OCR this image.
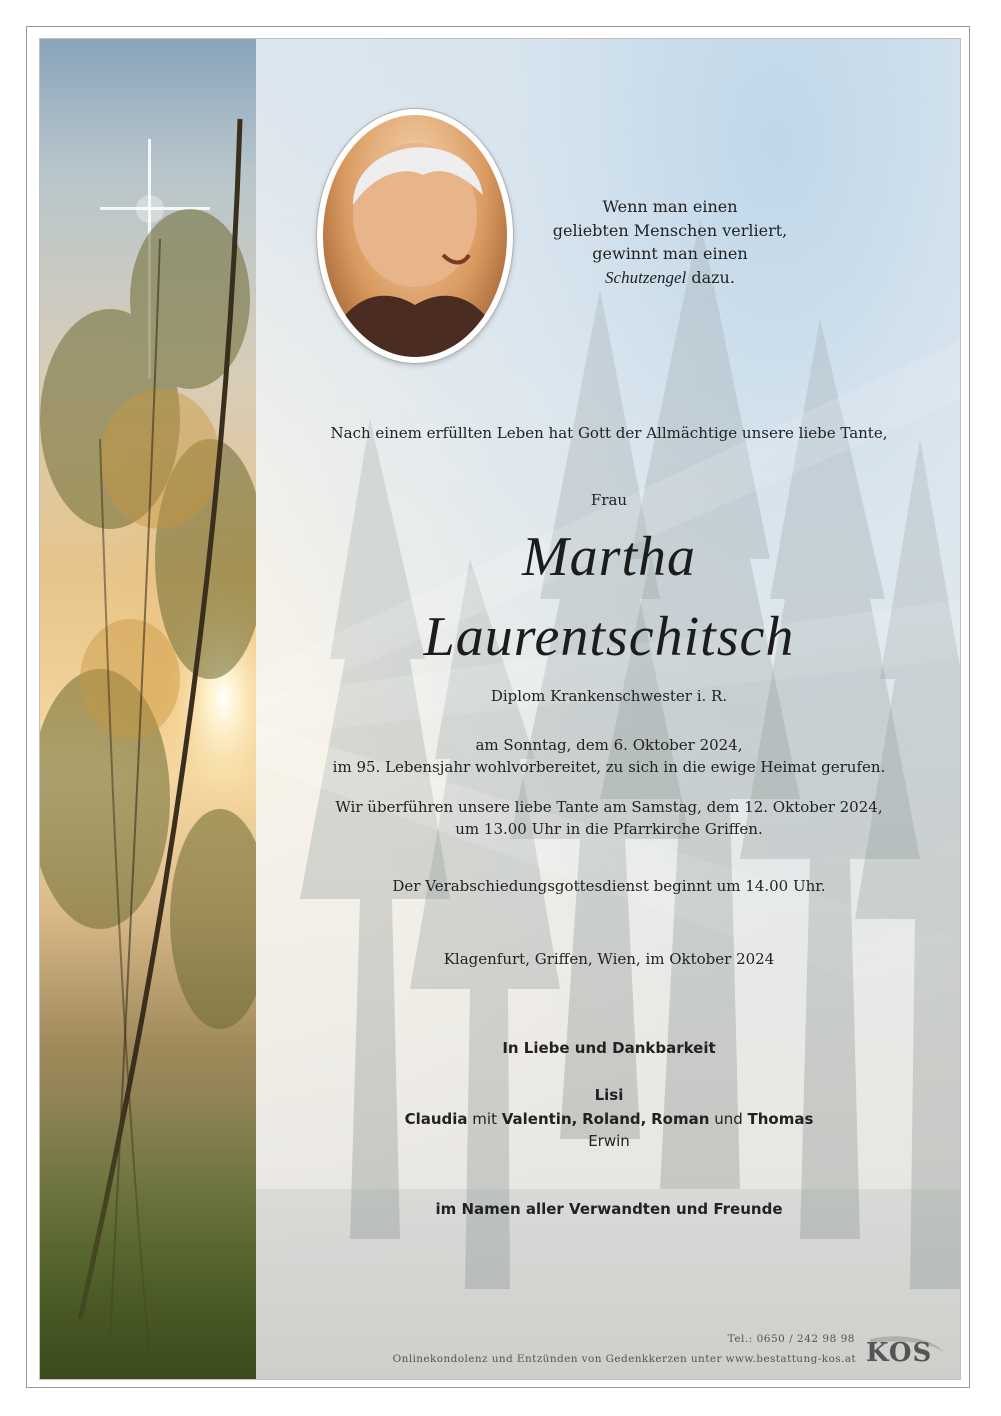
Wenn man einen
geliebten Menschen verliert,
gewinnt man einen
Schutzengel dazu.
Nach einem erfüllten Leben hat Gott der Allmächtige unsere liebe Tante,
Frau
Martha
Laurentschitsch
Diplom Krankenschwester i. R.
am Sonntag, dem 6. Oktober 2024,
im 95. Lebensjahr wohlvorbereitet, zu sich in die ewige Heimat gerufen.
Wir überführen unsere liebe Tante am Samstag, dem 12. Oktober 2024,
um 13.00 Uhr in die Pfarrkirche Griffen.
Der Verabschiedungsgottesdienst beginnt um 14.00 Uhr.
Klagenfurt, Griffen, Wien, im Oktober 2024
In Liebe und Dankbarkeit
Lisi
Claudia mit Valentin, Roland, Roman und Thomas
Erwin
im Namen aller Verwandten und Freunde
Tel.: 0650 / 242 98 98
Onlinekondolenz und Entzünden von Gedenkkerzen unter www.bestattung-kos.at KOS
